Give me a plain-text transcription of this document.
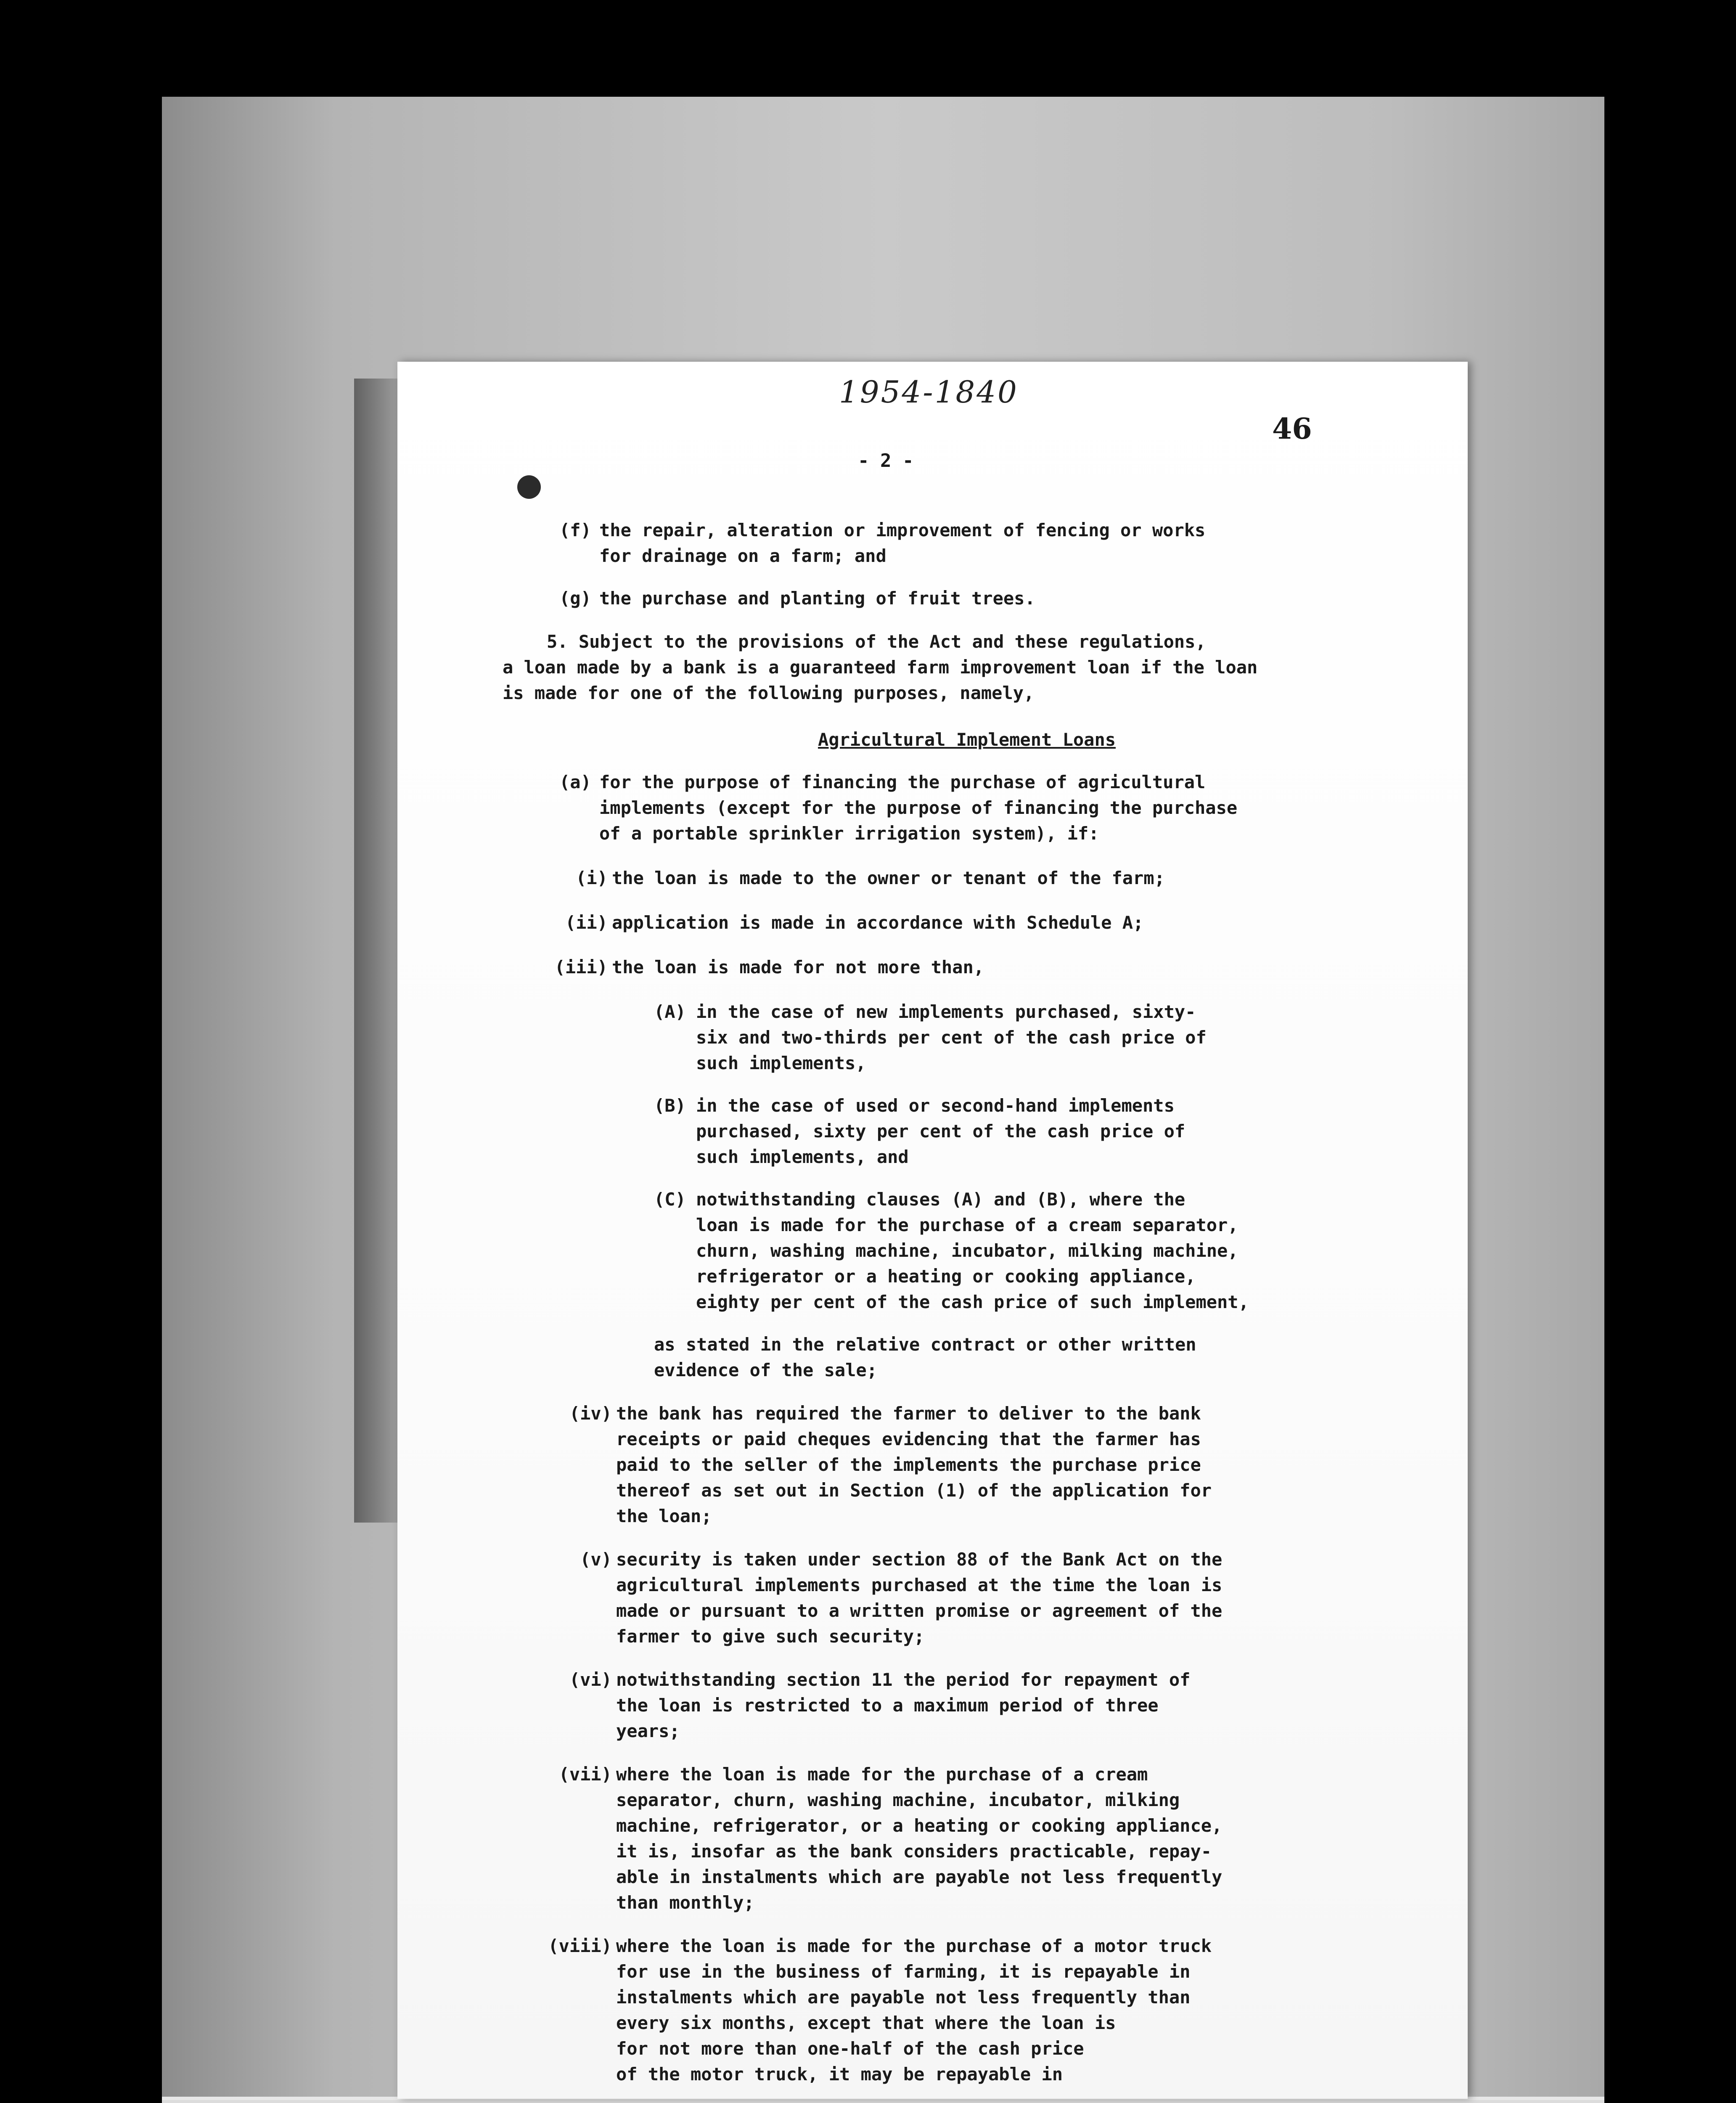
1954-1840

46

- 2 -

(f) the repair, alteration or improvement of fencing or works

for drainage on a farm; and

(g) the purchase and planting of fruit trees.

5. Subject to the provisions of the Act and these regulations,

a loan made by a bank is a guaranteed farm improvement loan if the loan

is made for one of the following purposes, namely,

Agricultural Implement Loans

(a) for the purpose of financing the purchase of agricultural

implements (except for the purpose of financing the purchase

of a portable sprinkler irrigation system), if:

(i) the loan is made to the owner or tenant of the farm;

(ii) application is made in accordance with Schedule A;

(iii) the loan is made for not more than,

(A) in the case of new implements purchased, sixty-

six and two-thirds per cent of the cash price of

such implements,

(B) in the case of used or second-hand implements

purchased, sixty per cent of the cash price of

such implements, and

(C) notwithstanding clauses (A) and (B), where the

loan is made for the purchase of a cream separator,

churn, washing machine, incubator, milking machine,

refrigerator or a heating or cooking appliance,

eighty per cent of the cash price of such implement,

as stated in the relative contract or other written

evidence of the sale;

(iv) the bank has required the farmer to deliver to the bank

receipts or paid cheques evidencing that the farmer has

paid to the seller of the implements the purchase price

thereof as set out in Section (1) of the application for

the loan;

(v) security is taken under section 88 of the Bank Act on the

agricultural implements purchased at the time the loan is

made or pursuant to a written promise or agreement of the

farmer to give such security;

(vi) notwithstanding section 11 the period for repayment of

the loan is restricted to a maximum period of three

years;

(vii) where the loan is made for the purchase of a cream

separator, churn, washing machine, incubator, milking

machine, refrigerator, or a heating or cooking appliance,

it is, insofar as the bank considers practicable, repay-

able in instalments which are payable not less frequently

than monthly;

(viii) where the loan is made for the purchase of a motor truck

for use in the business of farming, it is repayable in

instalments which are payable not less frequently than

every six months, except that where the loan is

for not more than one-half of the cash price

of the motor truck, it may be repayable in
